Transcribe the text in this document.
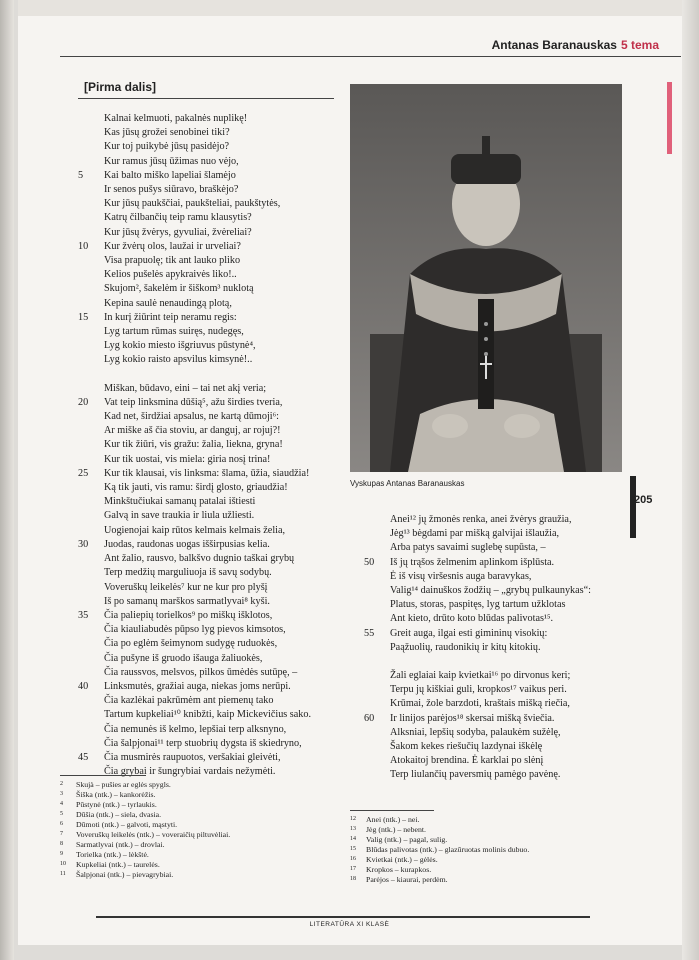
Antanas Baranauskas 5 tema
[Pirma dalis]
Kalnai kelmuoti, pakalnės nuplikę!
Kas jūsų grožei senobinei tiki?
Kur toj puikybė jūsų pasidėjo?
Kur ramus jūsų ūžimas nuo vėjo,
5 Kai balto miško lapeliai šlamėjo
Ir senos pušys siūravo, braškėjo?
Kur jūsų paukščiai, paukšteliai, paukštytės,
Katrų čilbančių teip ramu klausytis?
Kur jūsų žvėrys, gyvuliai, žvėreliai?
10 Kur žvėrų olos, laužai ir urveliai?
Visa prapuolę; tik ant lauko pliko
Kelios pušelės apykraivės liko!..
Skujom², šakelėm ir šiškom³ nuklotą
Kepina saulė nenaudingą plotą,
15 In kurį žiūrint teip neramu regis:
Lyg tartum rūmas suiręs, nudegęs,
Lyg kokio miesto išgriuvus pūstynė⁴,
Lyg kokio raisto apsvilus kimsynė!..
Miškan, būdavo, eini – tai net akį veria;
20 Vat teip linksmina dūšią⁵, ažu širdies tveria,
Kad net, širdžiai apsalus, ne kartą dūmoji⁶:
Ar miške aš čia stoviu, ar danguj, ar rojuj?!
Kur tik žiūri, vis gražu: žalia, liekna, gryna!
Kur tik uostai, vis miela: giria nosį trina!
25 Kur tik klausai, vis linksma: šlama, ūžia, siaudžia!
Ką tik jauti, vis ramu: širdį glosto, griaudžia!
Minkštučiukai samanų patalai ištiesti
Galvą in save traukia ir liula užliesti.
Uogienojai kaip rūtos kelmais kelmais želia,
30 Juodas, raudonas uogas išširpusias kelia.
Ant žalio, rausvo, balkšvo dugnio taškai grybų
Terp medžių marguliuoja iš savų sodybų.
Voveruškų leikelės⁷ kur ne kur pro plyšį
Iš po samanų marškos sarmatlyvai⁸ kyši.
35 Čia paliepių torielkos⁹ po miškų išklotos,
Čia kiauliabudės pūpso lyg pievos kimsotos,
Čia po eglėm šeimynom sudygę ruduokės,
Čia pušyne iš gruodo išauga žaliuokės,
Čia raussvos, melsvos, pilkos ūmėdės sutūpę, –
40 Linksmutės, gražiai auga, niekas joms nerūpi.
Čia kazlėkai pakrūmėm ant piemenų tako
Tartum kupkeliai¹⁰ knibžti, kaip Mickevičius sako.
Čia nemunės iš kelmo, lepšiai terp alksnyno,
Čia šalpjonai¹¹ terp stuobrių dygsta iš skiedryno,
45 Čia musmirės raupuotos, veršakiai gleivėti,
Čia grybai ir šungrybiai vardais nežymėti.
Anei¹² jų žmonės renka, anei žvėrys graužia,
Jėg¹³ bėgdami par mišką galvijai išlaužia,
Arba patys savaimi suglebę supūsta, –
50 Iš jų trąšos želmenim aplinkom išplūsta.
Ė iš visų viršesnis auga baravykas,
Valig¹⁴ dainuškos žodžių – „grybų pulkaunykas“:
Platus, storas, paspitęs, lyg tartum užklotas
Ant kieto, drūto koto blūdas palivotas¹⁵.
55 Greit auga, ilgai esti gimininų visokių:
Paąžuolių, raudonikių ir kitų kitokių.
Žali eglaiai kaip kvietkai¹⁶ po dirvonus keri;
Terpu jų kiškiai guli, kropkos¹⁷ vaikus peri.
Krūmai, žole barzdoti, kraštais mišką riečia,
60 Ir linijos parėjos¹⁸ skersai mišką šviečia.
Alksniai, lepšių sodyba, palaukėm sužėlę,
Šakom kekes riešučių lazdynai iškėlę
Atokaitoj brendina. Ė karklai po slėnį
Terp liulančių paversmių pamėgo pavėnę.
Vyskupas Antanas Baranauskas
205
2 Skujà – pušies ar eglės spygls.
3 Šiška (ntk.) – kankorėžis.
4 Pūstynė (ntk.) – tyrlaukis.
5 Dūšia (ntk.) – siela, dvasia.
6 Dūmoti (ntk.) – galvoti, mąstyti.
7 Voveruškų leikelės (ntk.) – voveraičių piltuvėliai.
8 Sarmatlyvai (ntk.) – drovlai.
9 Torielka (ntk.) – lėkštė.
10 Kupkeliai (ntk.) – taurelės.
11 Šalpjonai (ntk.) – pievagrybiai.
12 Anei (ntk.) – nei.
13 Jėg (ntk.) – nebent.
14 Valig (ntk.) – pagal, sulig.
15 Blūdas palivotas (ntk.) – glazūruotas molinis dubuo.
16 Kvietkai (ntk.) – gėlės.
17 Kropkos – kurapkos.
18 Parėjos – kiaurai, perdėm.
LITERATŪRA XI KLASĖ
